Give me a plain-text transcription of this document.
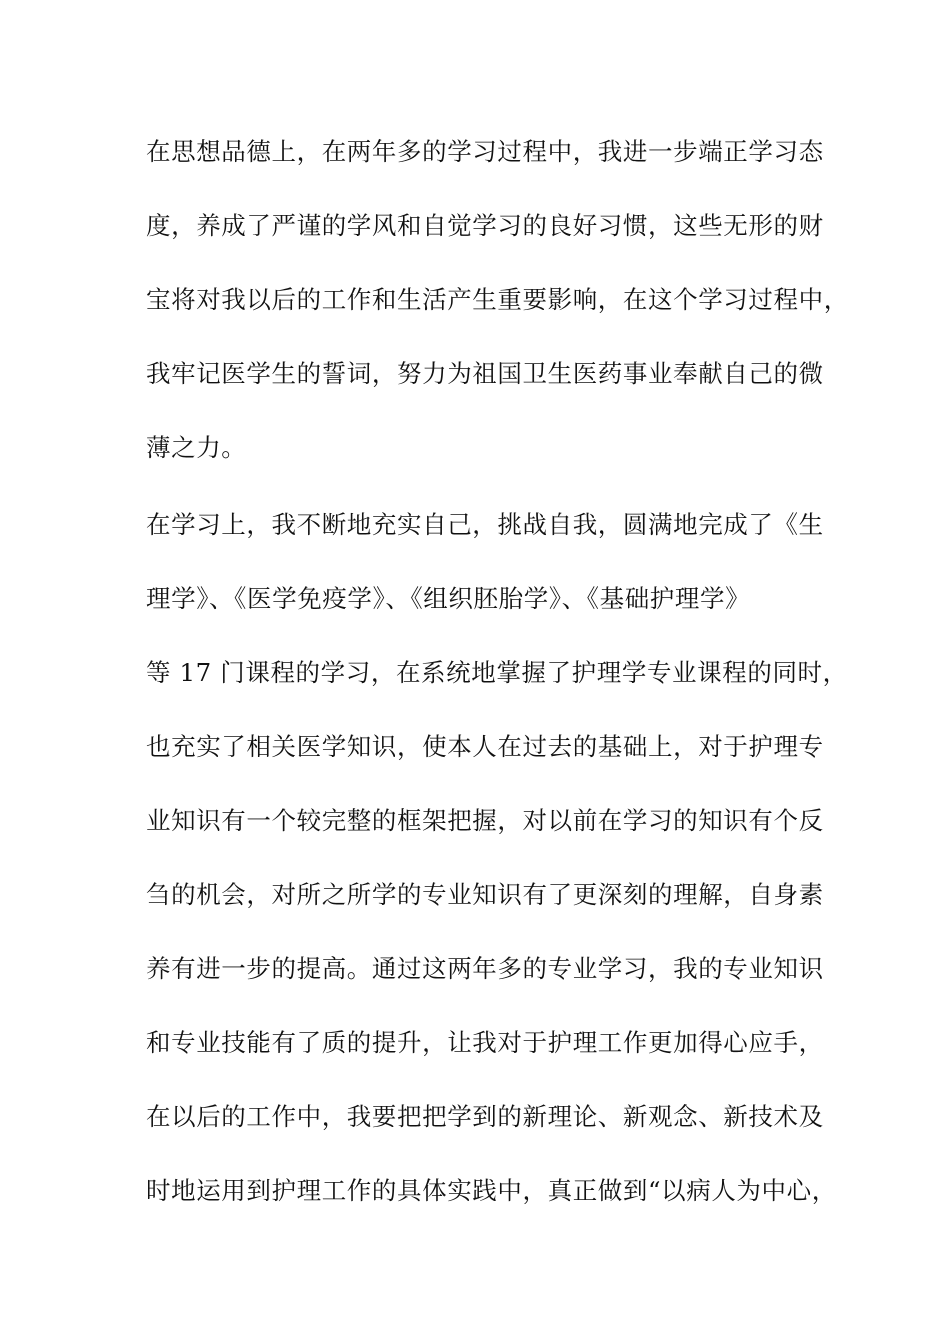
在思想品德上，在两年多的学习过程中，我进一步端正学习态
度，养成了严谨的学风和自觉学习的良好习惯，这些无形的财
宝将对我以后的工作和生活产生重要影响，在这个学习过程中，
我牢记医学生的誓词，努力为祖国卫生医药事业奉献自己的微
薄之力。
在学习上，我不断地充实自己，挑战自我，圆满地完成了《生
理学》、《医学免疫学》、《组织胚胎学》、《基础护理学》
等 17 门课程的学习，在系统地掌握了护理学专业课程的同时，
也充实了相关医学知识，使本人在过去的基础上，对于护理专
业知识有一个较完整的框架把握，对以前在学习的知识有个反
刍的机会，对所之所学的专业知识有了更深刻的理解，自身素
养有进一步的提高。通过这两年多的专业学习，我的专业知识
和专业技能有了质的提升，让我对于护理工作更加得心应手，
在以后的工作中，我要把把学到的新理论、新观念、新技术及
时地运用到护理工作的具体实践中，真正做到“以病人为中心，
